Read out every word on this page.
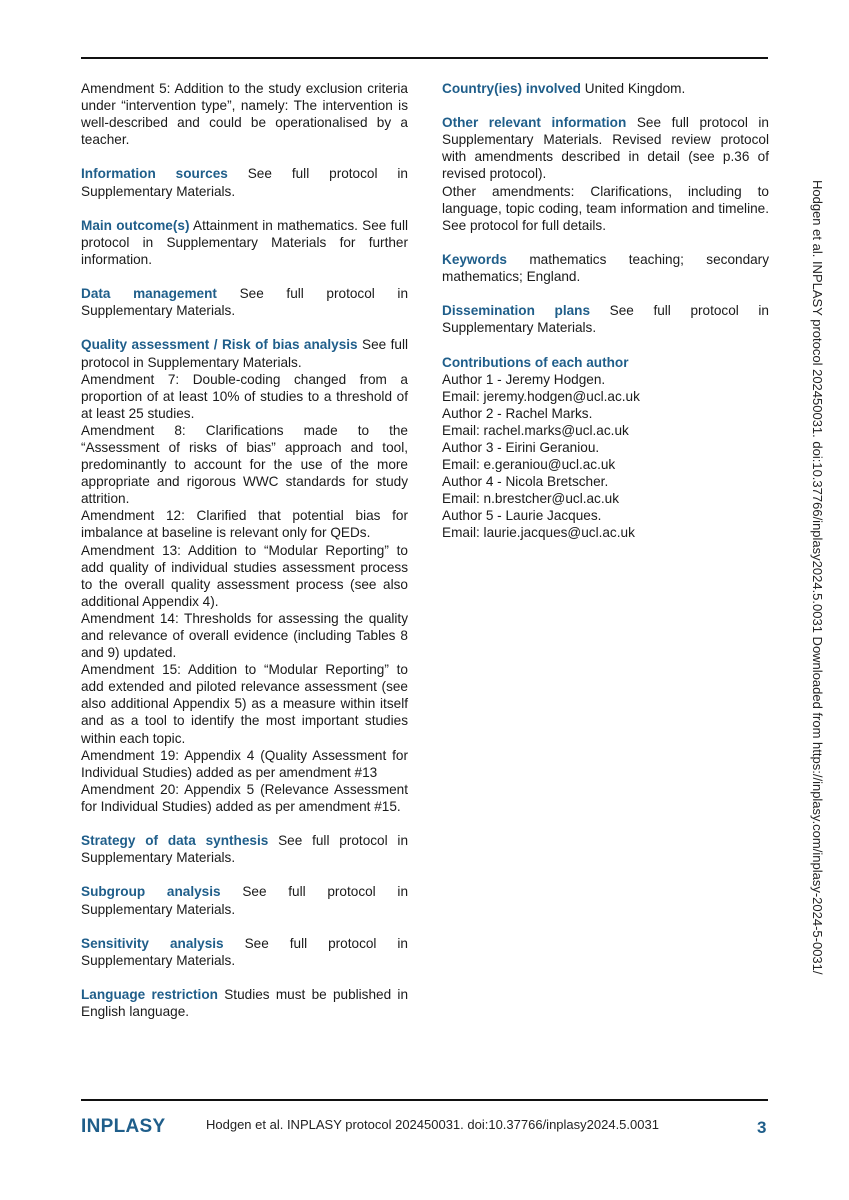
Amendment 5: Addition to the study exclusion criteria under “intervention type”, namely: The intervention is well-described and could be operationalised by a teacher.

Information sources See full protocol in Supplementary Materials.
Main outcome(s) Attainment in mathematics. See full protocol in Supplementary Materials for further information.
Data management See full protocol in Supplementary Materials.

Quality assessment / Risk of bias analysis See full protocol in Supplementary Materials.

Amendment 7: Double-coding changed from a proportion of at least 10% of studies to a threshold of at least 25 studies.

Amendment 8: Clarifications made to the “Assessment of risks of bias” approach and tool, predominantly to account for the use of the more appropriate and rigorous WWC standards for study attrition.

Amendment 12: Clarified that potential bias for imbalance at baseline is relevant only for QEDs.

Amendment 13: Addition to “Modular Reporting” to add quality of individual studies assessment process to the overall quality assessment process (see also additional Appendix 4).

Amendment 14: Thresholds for assessing the quality and relevance of overall evidence (including Tables 8 and 9) updated.

Amendment 15: Addition to “Modular Reporting” to add extended and piloted relevance assessment (see also additional Appendix 5) as a measure within itself and as a tool to identify the most important studies within each topic.

Amendment 19: Appendix 4 (Quality Assessment for Individual Studies) added as per amendment #13

Amendment 20: Appendix 5 (Relevance Assessment for Individual Studies) added as per amendment #15.

Strategy of data synthesis See full protocol in Supplementary Materials.
Subgroup analysis See full protocol in Supplementary Materials.
Sensitivity analysis See full protocol in Supplementary Materials.
Language restriction Studies must be published in English language.
Country(ies) involved United Kingdom.

Other relevant information See full protocol in Supplementary Materials. Revised review protocol with amendments described in detail (see p.36 of revised protocol).

Other amendments: Clarifications, including to language, topic coding, team information and timeline. See protocol for full details.

Keywords mathematics teaching; secondary mathematics; England.
Dissemination plans See full protocol in Supplementary Materials.

Contributions of each author

Author 1 - Jeremy Hodgen.

Email: jeremy.hodgen@ucl.ac.uk

Author 2 - Rachel Marks.

Email: rachel.marks@ucl.ac.uk

Author 3 - Eirini Geraniou.

Email: e.geraniou@ucl.ac.uk

Author 4 - Nicola Bretscher.

Email: n.brestcher@ucl.ac.uk

Author 5 - Laurie Jacques.

Email: laurie.jacques@ucl.ac.uk	Hodgen et al. INPLASY protocol 202450031. doi:10.37766/inplasy2024.5.0031 Downloaded from https://inplasy.com/inplasy-2024-5-0031/
INPLASY	Hodgen et al. INPLASY protocol 202450031. doi:10.37766/inplasy2024.5.0031	3
